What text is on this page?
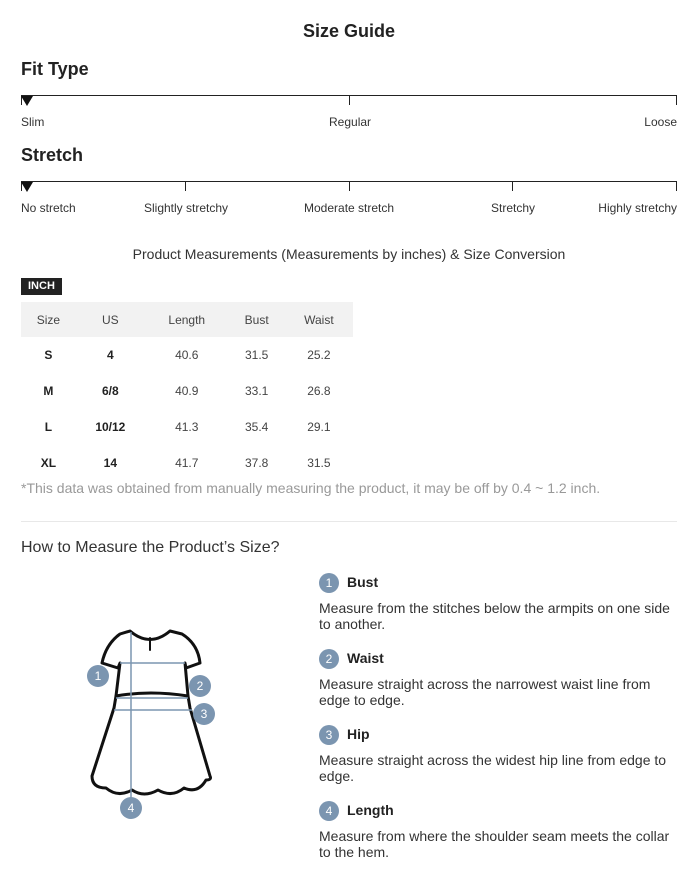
Size Guide
Fit Type
Slim	Regular	Loose
Stretch
No stretch	Slightly stretchy	Moderate stretch	Stretchy	Highly stretchy
Product Measurements (Measurements by inches) & Size Conversion
INCH
Size	US	Length	Bust	Waist
S	4	40.6	31.5	25.2
M	6/8	40.9	33.1	26.8
L	10/12	41.3	35.4	29.1
XL	14	41.7	37.8	31.5
*This data was obtained from manually measuring the product, it may be off by 0.4 ~ 1.2 inch.
How to Measure the Product’s Size?
1
2
3
4
1	Bust
Measure from the stitches below the armpits on one side to another.
2	Waist
Measure straight across the narrowest waist line from edge to edge.
3	Hip
Measure straight across the widest hip line from edge to edge.
4	Length
Measure from where the shoulder seam meets the collar to the hem.
